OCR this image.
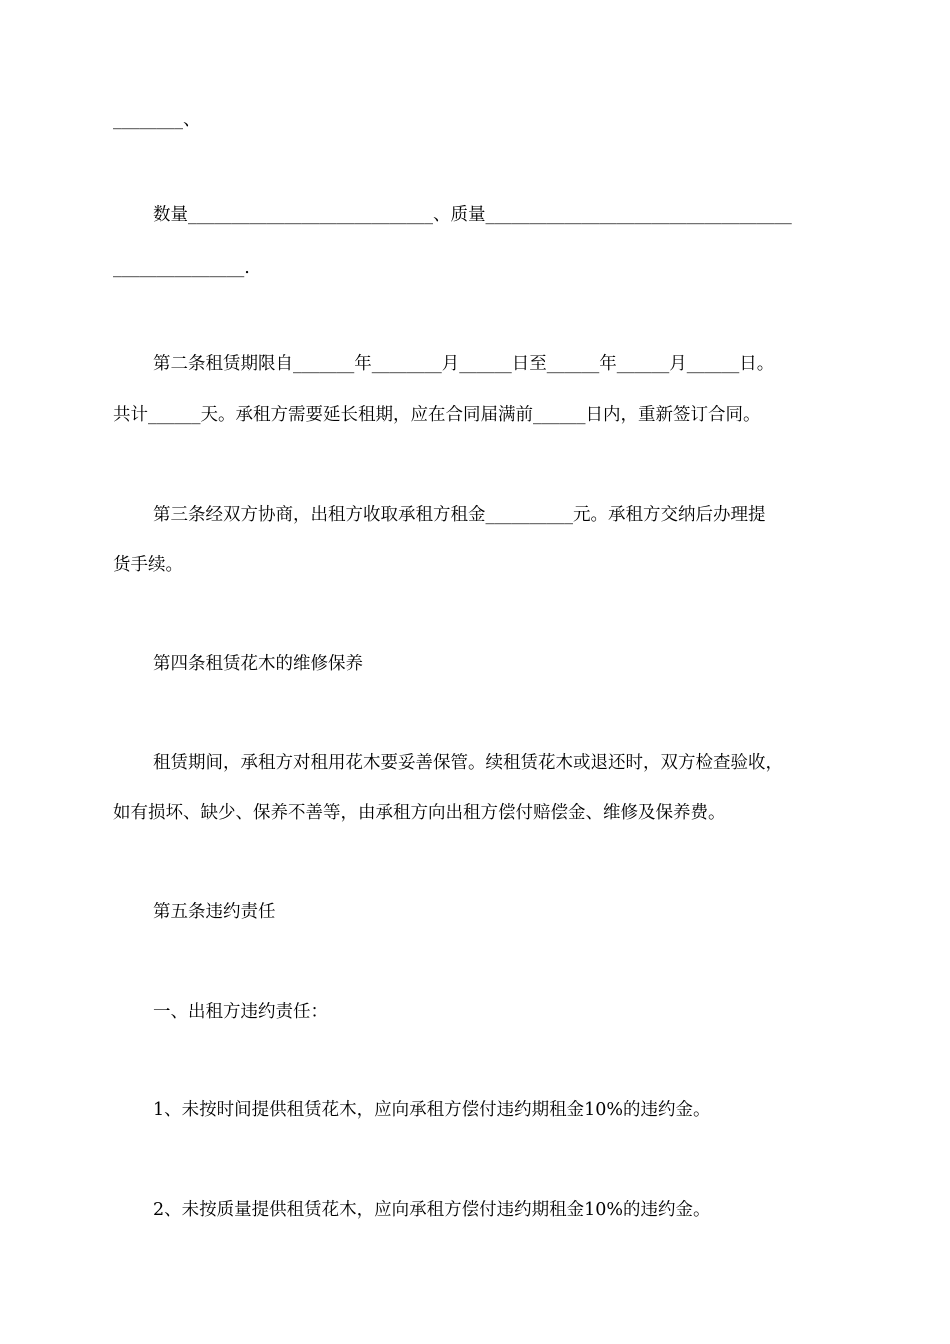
________、
数量____________________________、质量___________________________________
_______________.
第二条租赁期限自_______年________月______日至______年______月______日。
共计______天。承租方需要延长租期，应在合同届满前______日内，重新签订合同。
第三条经双方协商，出租方收取承租方租金__________元。承租方交纳后办理提
货手续。
第四条租赁花木的维修保养
租赁期间，承租方对租用花木要妥善保管。续租赁花木或退还时，双方检查验收，
如有损坏、缺少、保养不善等，由承租方向出租方偿付赔偿金、维修及保养费。
第五条违约责任
一、出租方违约责任：
1、未按时间提供租赁花木，应向承租方偿付违约期租金10%的违约金。
2、未按质量提供租赁花木，应向承租方偿付违约期租金10%的违约金。
